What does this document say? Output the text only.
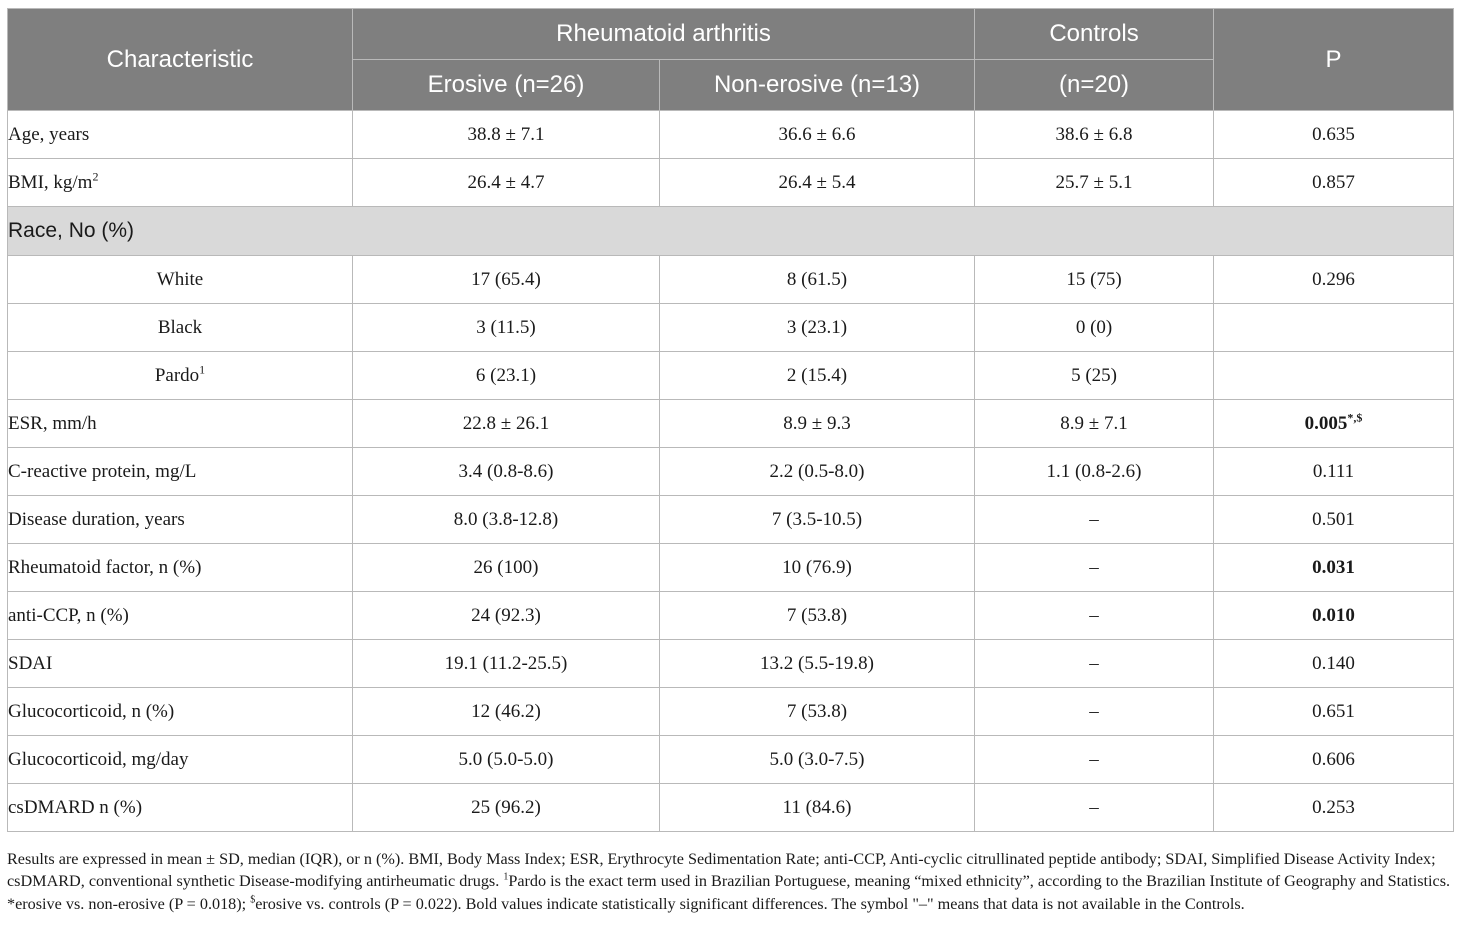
Characteristic	Rheumatoid arthritis		Controls	P
	Erosive (n=26)	Non-erosive (n=13)	(n=20)	
Age, years	38.8 ± 7.1	36.6 ± 6.6	38.6 ± 6.8	0.635
BMI, $kg/m^2$	26.4 ± 4.7	26.4 ± 5.4	25.7 ± 5.1	0.857
Race, No (%)				
White	17 (65.4)	8 (61.5)	15 (75)	0.296
Black	3 (11.5)	3 (23.1)	0 (0)	
Pardo$^1$	6 (23.1)	2 (15.4)	5 (25)	
ESR, mm/h	22.8 ± 26.1	8.9 ± 9.3	8.9 ± 7.1	0.005*,$
C-reactive protein, mg/L	3.4 (0.8-8.6)	2.2 (0.5-8.0)	1.1 (0.8-2.6)	0.111
Disease duration, years	8.0 (3.8-12.8)	7 (3.5-10.5)	–	0.501
Rheumatoid factor, n (%)	26 (100)	10 (76.9)	–	0.031
anti-CCP, n (%)	24 (92.3)	7 (53.8)	–	0.010
SDAI	19.1 (11.2-25.5)	13.2 (5.5-19.8)	–	0.140
Glucocorticoid, n (%)	12 (46.2)	7 (53.8)	–	0.651
Glucocorticoid, mg/day	5.0 (5.0-5.0)	5.0 (3.0-7.5)	–	0.606
csDMARD n (%)	25 (96.2)	11 (84.6)	–	0.253
Results are expressed in mean ± SD, median (IQR), or n (%). BMI, Body Mass Index; ESR, Erythrocyte Sedimentation Rate; anti-CCP, Anti-cyclic citrullinated peptide antibody; SDAI, Simplified Disease Activity Index; csDMARD, conventional synthetic Disease-modifying antirheumatic drugs. $^1$Pardo is the exact term used in Brazilian Portuguese, meaning “mixed ethnicity”, according to the Brazilian Institute of Geography and Statistics. *erosive vs. non-erosive (P = 0.018); $erosive vs. controls (P = 0.022). Bold values indicate statistically significant differences. The symbol "–" means that data is not available in the Controls.
